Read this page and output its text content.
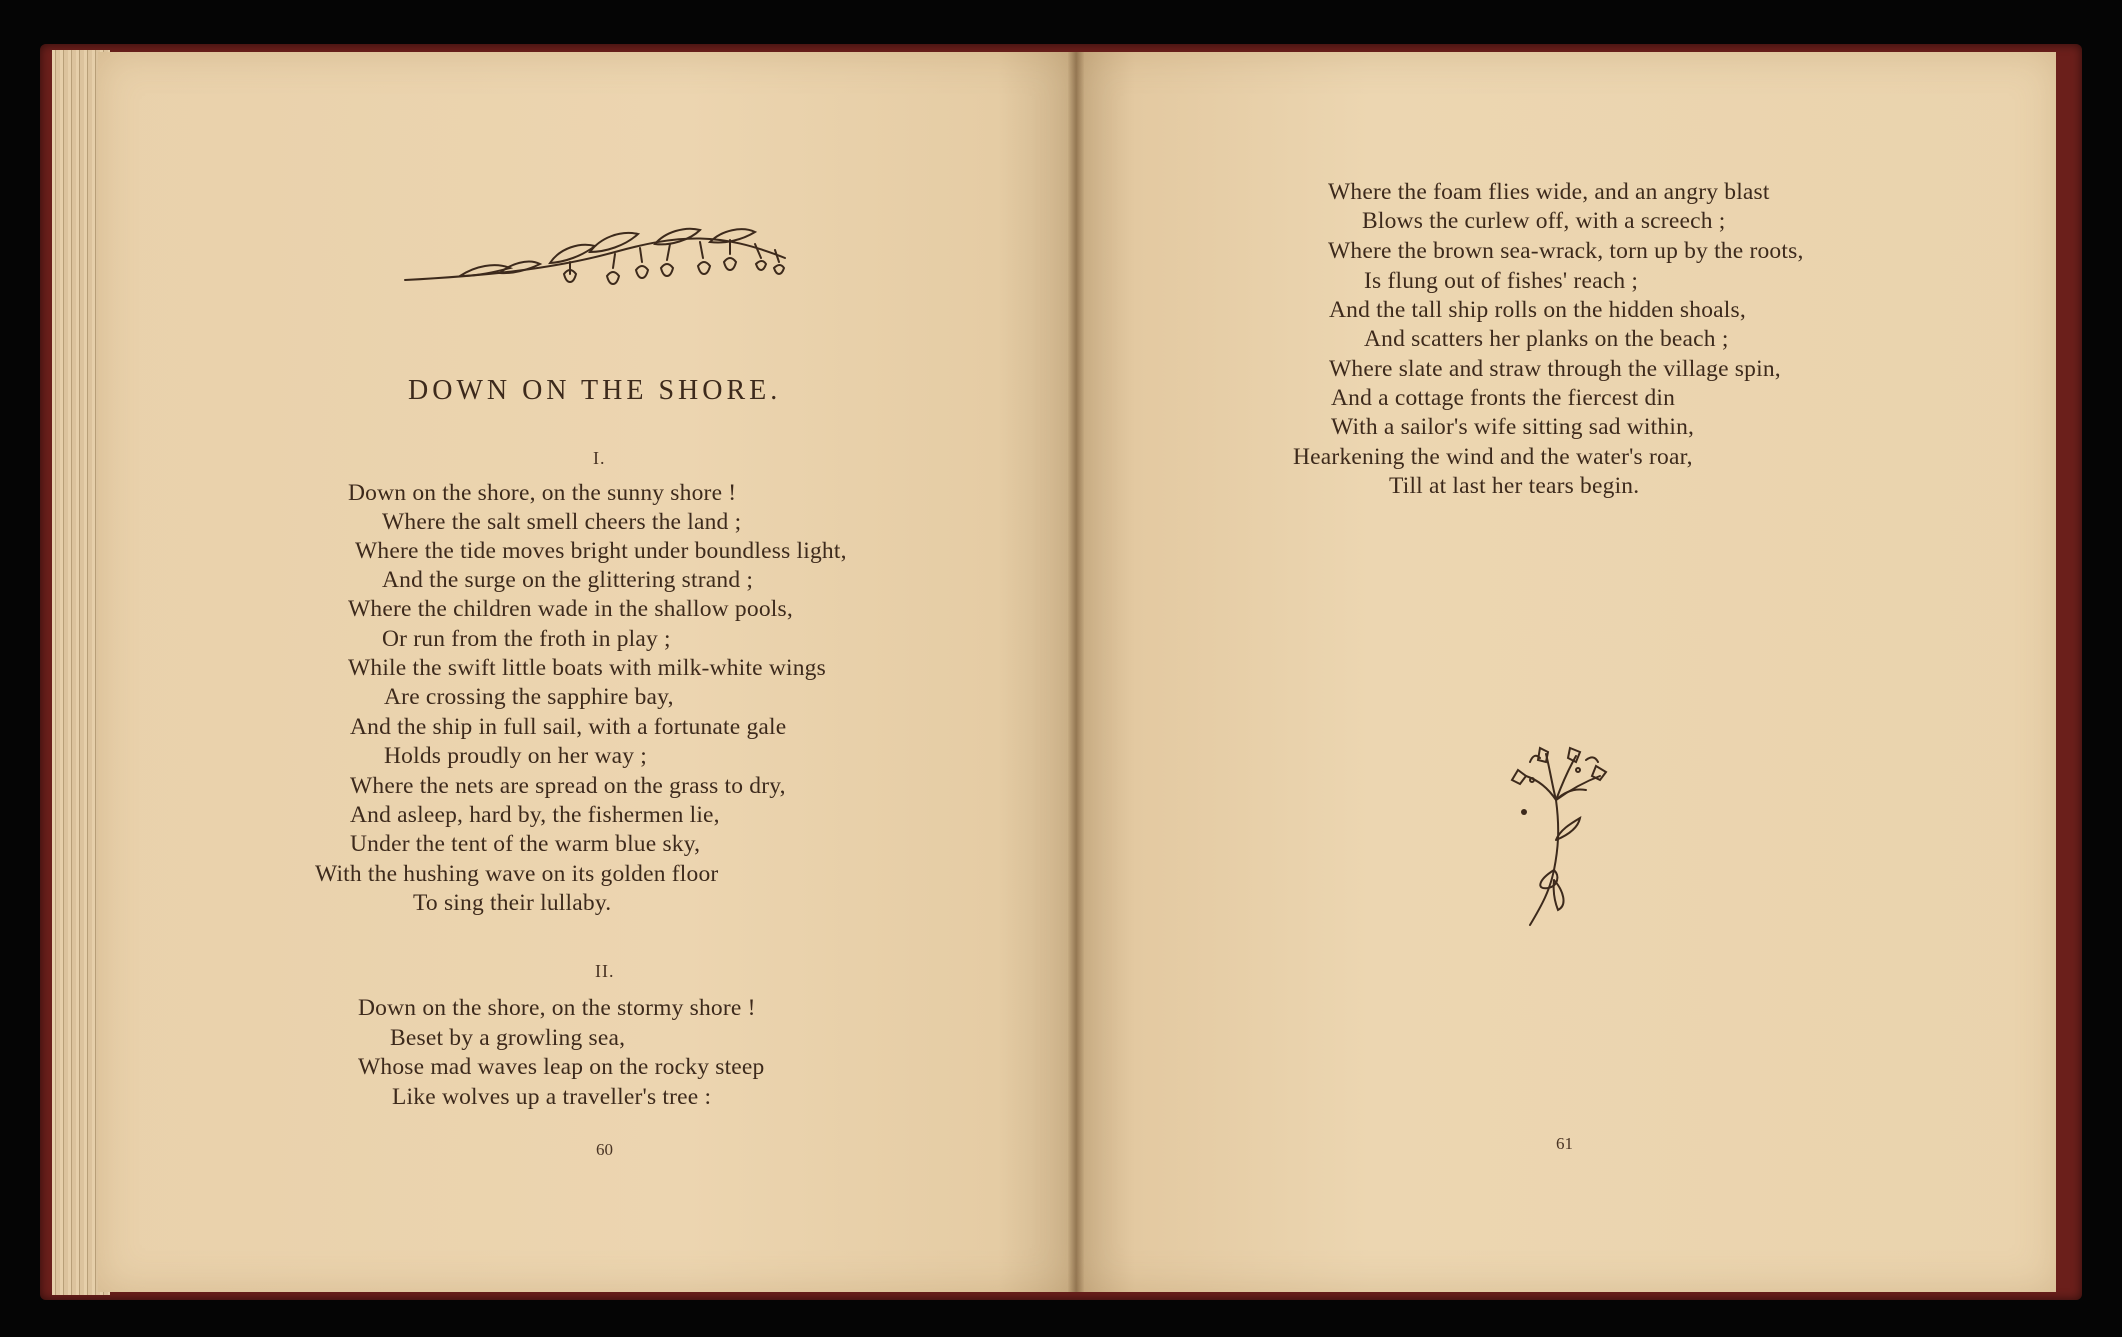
DOWN ON THE SHORE.
I.
Down on the shore, on the sunny shore !
Where the salt smell cheers the land ;
Where the tide moves bright under boundless light,
And the surge on the glittering strand ;
Where the children wade in the shallow pools,
Or run from the froth in play ;
While the swift little boats with milk-white wings
Are crossing the sapphire bay,
And the ship in full sail, with a fortunate gale
Holds proudly on her way ;
Where the nets are spread on the grass to dry,
And asleep, hard by, the fishermen lie,
Under the tent of the warm blue sky,
With the hushing wave on its golden floor
To sing their lullaby.
II.
Down on the shore, on the stormy shore !
Beset by a growling sea,
Whose mad waves leap on the rocky steep
Like wolves up a traveller's tree :
60
Where the foam flies wide, and an angry blast
Blows the curlew off, with a screech ;
Where the brown sea-wrack, torn up by the roots,
Is flung out of fishes' reach ;
And the tall ship rolls on the hidden shoals,
And scatters her planks on the beach ;
Where slate and straw through the village spin,
And a cottage fronts the fiercest din
With a sailor's wife sitting sad within,
Hearkening the wind and the water's roar,
Till at last her tears begin.
61
